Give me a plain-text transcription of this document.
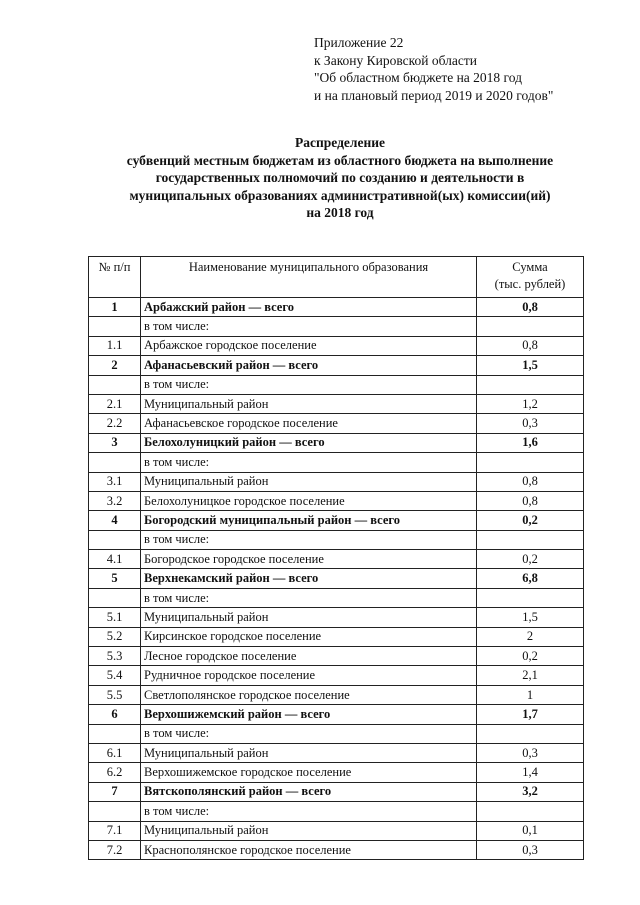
Приложение 22
к Закону Кировской области
"Об областном бюджете на 2018 год
и на плановый период 2019 и 2020 годов"
Распределение
субвенций местным бюджетам из областного бюджета на выполнение
государственных полномочий по созданию и деятельности в
муниципальных образованиях административной(ых) комиссии(ий)
на 2018 год
№ п/п	Наименование муниципального образования	Сумма
(тыс. рублей)
1	Арбажский район — всего	0,8
	в том числе:	
1.1	Арбажское городское поселение	0,8
2	Афанасьевский район — всего	1,5
	в том числе:	
2.1	Муниципальный район	1,2
2.2	Афанасьевское городское поселение	0,3
3	Белохолуницкий район — всего	1,6
	в том числе:	
3.1	Муниципальный район	0,8
3.2	Белохолуницкое городское поселение	0,8
4	Богородский муниципальный район — всего	0,2
	в том числе:	
4.1	Богородское городское поселение	0,2
5	Верхнекамский район — всего	6,8
	в том числе:	
5.1	Муниципальный район	1,5
5.2	Кирсинское городское поселение	2
5.3	Лесное городское поселение	0,2
5.4	Рудничное городское поселение	2,1
5.5	Светлополянское городское поселение	1
6	Верхошижемский район — всего	1,7
	в том числе:	
6.1	Муниципальный район	0,3
6.2	Верхошижемское городское поселение	1,4
7	Вятскополянский район — всего	3,2
	в том числе:	
7.1	Муниципальный район	0,1
7.2	Краснополянское городское поселение	0,3
